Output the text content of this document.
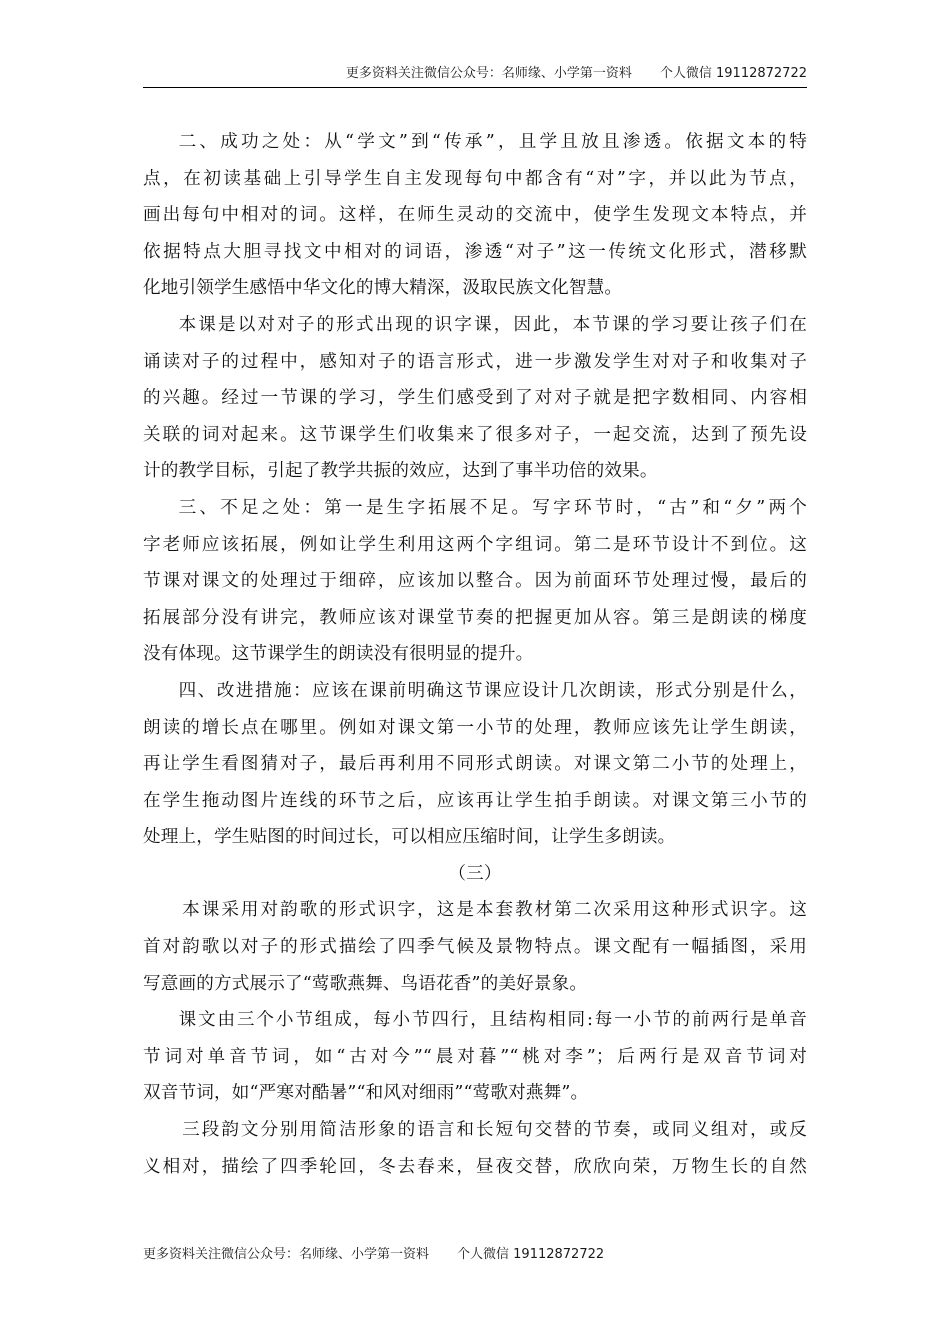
更多资料关注微信公众号：名师缘、小学第一资料 个人微信 19112872722
二、成功之处：从“学文”到“传承”，且学且放且渗透。依据文本的特
点，在初读基础上引导学生自主发现每句中都含有“对”字，并以此为节点，
画出每句中相对的词。这样，在师生灵动的交流中，使学生发现文本特点，并
依据特点大胆寻找文中相对的词语，渗透“对子”这一传统文化形式，潜移默
化地引领学生感悟中华文化的博大精深，汲取民族文化智慧。
本课是以对对子的形式出现的识字课，因此，本节课的学习要让孩子们在
诵读对子的过程中，感知对子的语言形式，进一步激发学生对对子和收集对子
的兴趣。经过一节课的学习，学生们感受到了对对子就是把字数相同、内容相
关联的词对起来。这节课学生们收集来了很多对子，一起交流，达到了预先设
计的教学目标，引起了教学共振的效应，达到了事半功倍的效果。
三、不足之处：第一是生字拓展不足。写字环节时，“古”和“夕”两个
字老师应该拓展，例如让学生利用这两个字组词。第二是环节设计不到位。这
节课对课文的处理过于细碎，应该加以整合。因为前面环节处理过慢，最后的
拓展部分没有讲完，教师应该对课堂节奏的把握更加从容。第三是朗读的梯度
没有体现。这节课学生的朗读没有很明显的提升。
四、改进措施：应该在课前明确这节课应设计几次朗读，形式分别是什么，
朗读的增长点在哪里。例如对课文第一小节的处理，教师应该先让学生朗读，
再让学生看图猜对子，最后再利用不同形式朗读。对课文第二小节的处理上，
在学生拖动图片连线的环节之后，应该再让学生拍手朗读。对课文第三小节的
处理上，学生贴图的时间过长，可以相应压缩时间，让学生多朗读。
（三）
本课采用对韵歌的形式识字，这是本套教材第二次采用这种形式识字。这
首对韵歌以对子的形式描绘了四季气候及景物特点。课文配有一幅插图，采用
写意画的方式展示了“莺歌燕舞、鸟语花香”的美好景象。
课文由三个小节组成，每小节四行，且结构相同:每一小节的前两行是单音
节词对单音节词，如“古对今”“晨对暮”“桃对李”；后两行是双音节词对
双音节词，如“严寒对酷暑”“和风对细雨”“莺歌对燕舞”。
三段韵文分别用简洁形象的语言和长短句交替的节奏，或同义组对，或反
义相对，描绘了四季轮回，冬去春来，昼夜交替，欣欣向荣，万物生长的自然
更多资料关注微信公众号：名师缘、小学第一资料 个人微信 19112872722
